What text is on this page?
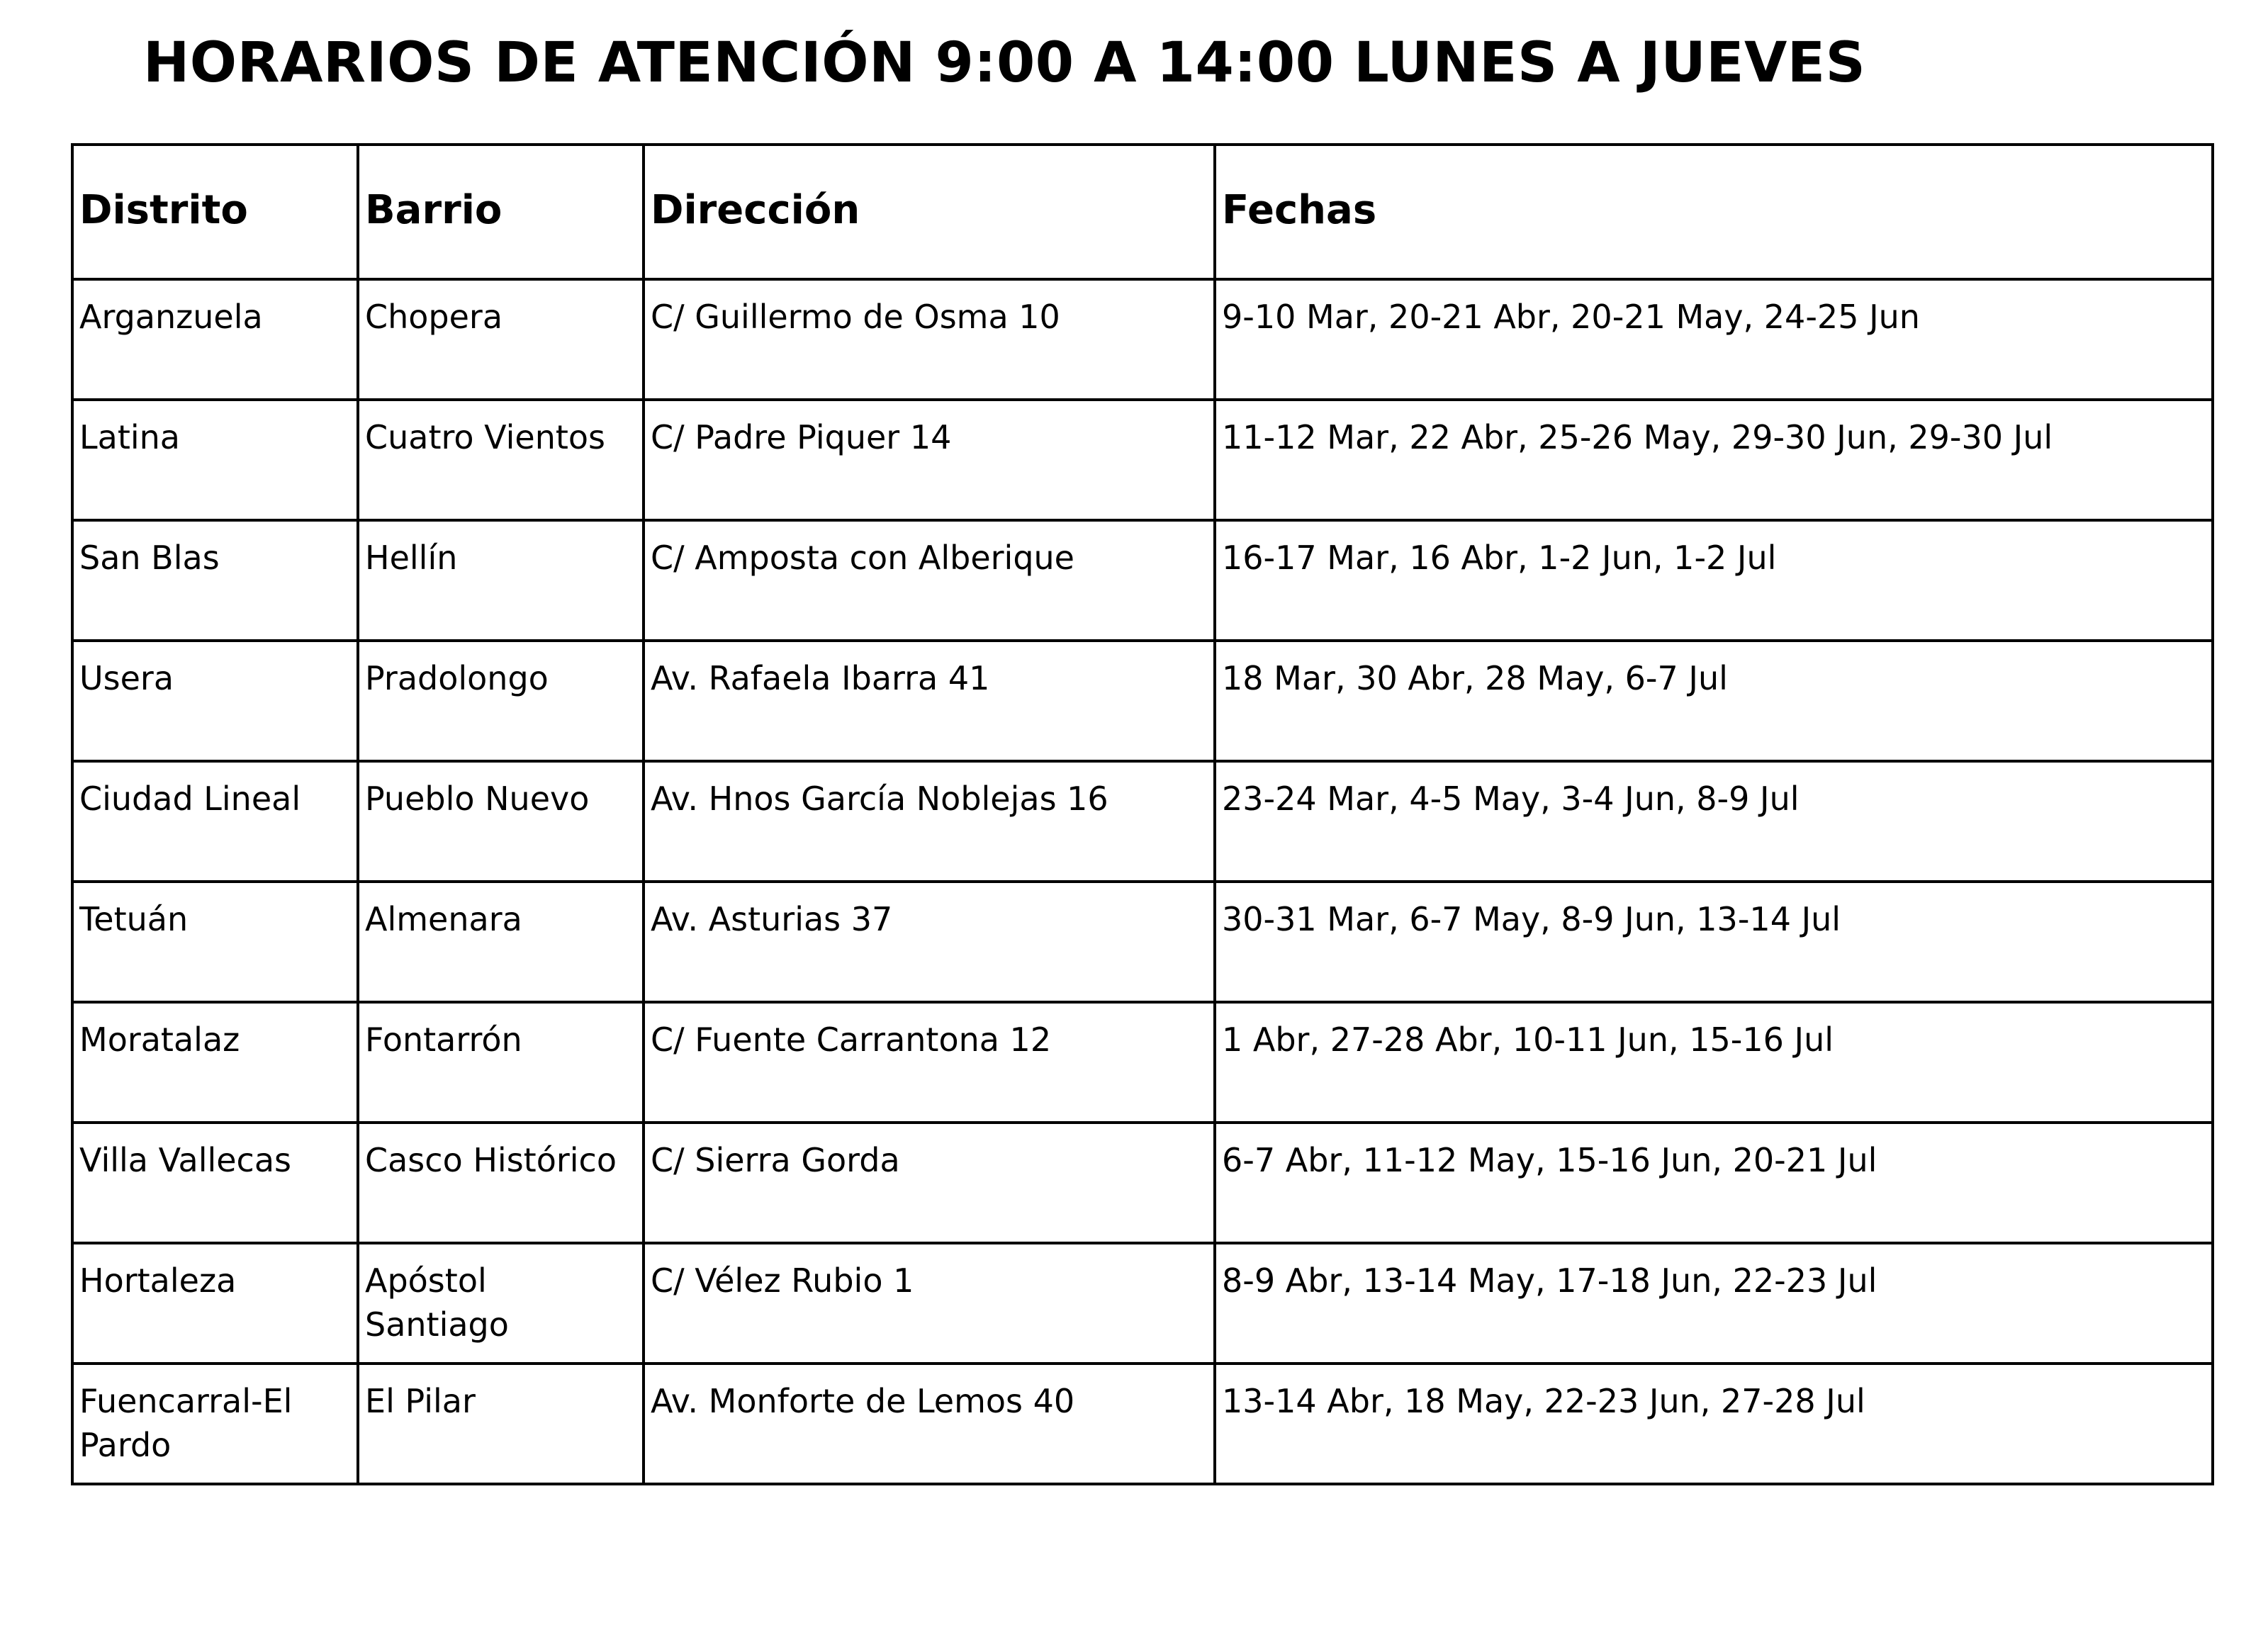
HORARIOS DE ATENCIÓN 9:00 A 14:00 LUNES A JUEVES
Distrito	Barrio	Dirección	Fechas
Arganzuela	Chopera	C/ Guillermo de Osma 10	9-10 Mar, 20-21 Abr, 20-21 May, 24-25 Jun
Latina	Cuatro Vientos	C/ Padre Piquer 14	11-12 Mar, 22 Abr, 25-26 May, 29-30 Jun, 29-30 Jul
San Blas	Hellín	C/ Amposta con Alberique	16-17 Mar, 16 Abr, 1-2 Jun, 1-2 Jul
Usera	Pradolongo	Av. Rafaela Ibarra 41	18 Mar, 30 Abr, 28 May, 6-7 Jul
Ciudad Lineal	Pueblo Nuevo	Av. Hnos García Noblejas 16	23-24 Mar, 4-5 May, 3-4 Jun, 8-9 Jul
Tetuán	Almenara	Av. Asturias 37	30-31 Mar, 6-7 May, 8-9 Jun, 13-14 Jul
Moratalaz	Fontarrón	C/ Fuente Carrantona 12	1 Abr, 27-28 Abr, 10-11 Jun, 15-16 Jul
Villa Vallecas	Casco Histórico	C/ Sierra Gorda	6-7 Abr, 11-12 May, 15-16 Jun, 20-21 Jul
Hortaleza	Apóstol Santiago	C/ Vélez Rubio 1	8-9 Abr, 13-14 May, 17-18 Jun, 22-23 Jul
Fuencarral-El Pardo	El Pilar	Av. Monforte de Lemos 40	13-14 Abr, 18 May, 22-23 Jun, 27-28 Jul
